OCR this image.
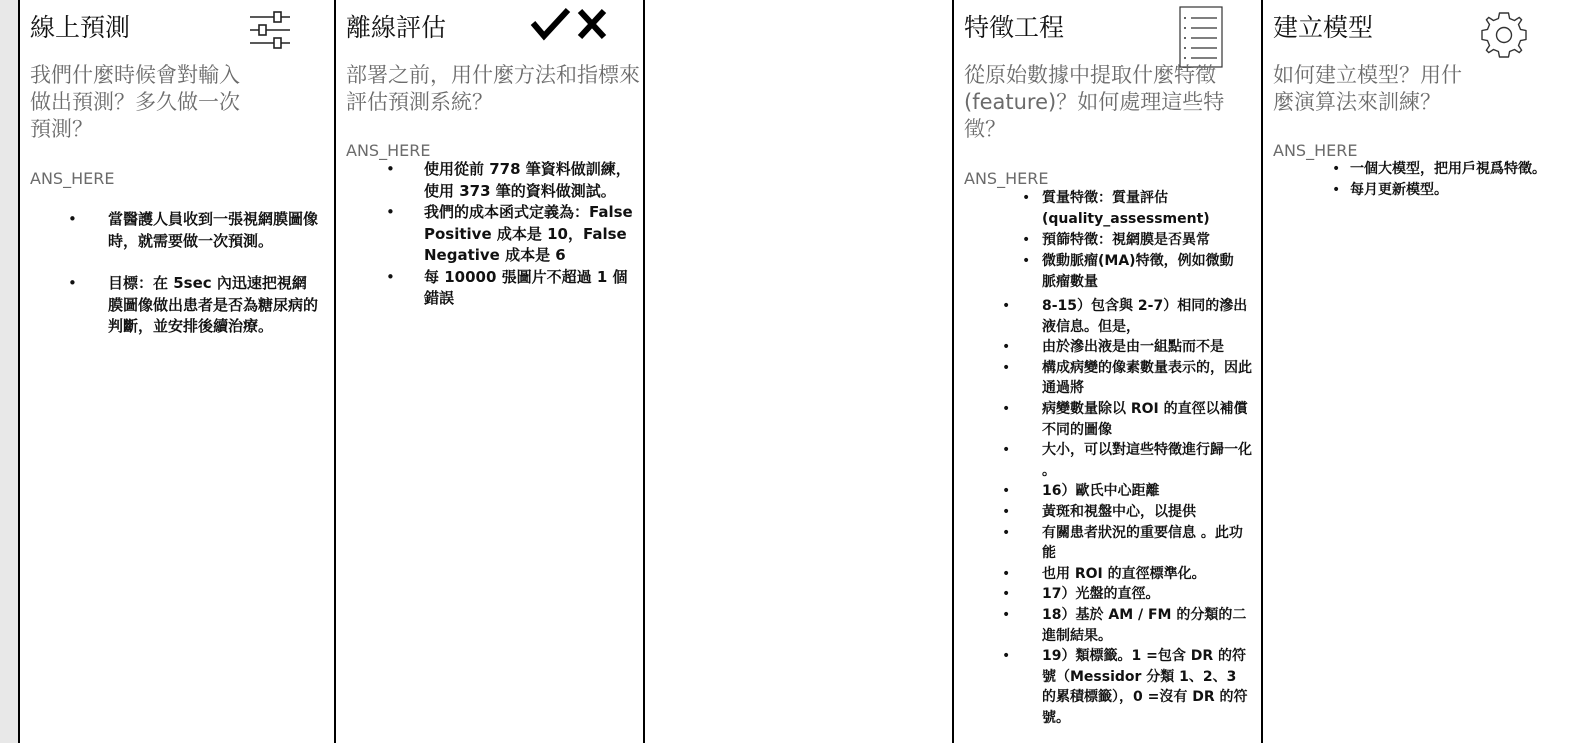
線上預測
我們什麼時候會對輸入做出預測？多久做一次預測？
ANS_HERE
• 當醫護人員收到一張視網膜圖像時，就需要做一次預測。
• 目標：在 5sec 內迅速把視網膜圖像做出患者是否為糖尿病的判斷，並安排後續治療。
離線評估
部署之前，用什麼方法和指標來評估預測系統？
ANS_HERE
• 使用從前 778 筆資料做訓練，使用 373 筆的資料做測試。
• 我們的成本函式定義為：False Positive 成本是 10，False Negative 成本是 6
• 每 10000 張圖片不超過 1 個錯誤
特徵工程
從原始數據中提取什麼特徵(feature)？如何處理這些特徵？
ANS_HERE
• 質量特徵：質量評估 (quality_assessment)
• 預篩特徵：視網膜是否異常
• 微動脈瘤(MA)特徵，例如微動脈瘤數量
• 8-15）包含與 2-7）相同的滲出液信息。但是，
• 由於滲出液是由一組點而不是
• 構成病變的像素數量表示的，因此通過將
• 病變數量除以 ROI 的直徑以補償不同的圖像
• 大小，可以對這些特徵進行歸一化 。
• 16）歐氏中心距離
• 黃斑和視盤中心，以提供
• 有關患者狀況的重要信息 。此功能
• 也用 ROI 的直徑標準化。
• 17）光盤的直徑。
• 18）基於 AM / FM 的分類的二進制結果。
• 19）類標籤。1 =包含 DR 的符號（Messidor 分類 1、2、3 的累積標籤），0 =沒有 DR 的符號。
建立模型
如何建立模型？用什麼演算法來訓練？
ANS_HERE
• 一個大模型，把用戶視爲特徵。
• 每月更新模型。
